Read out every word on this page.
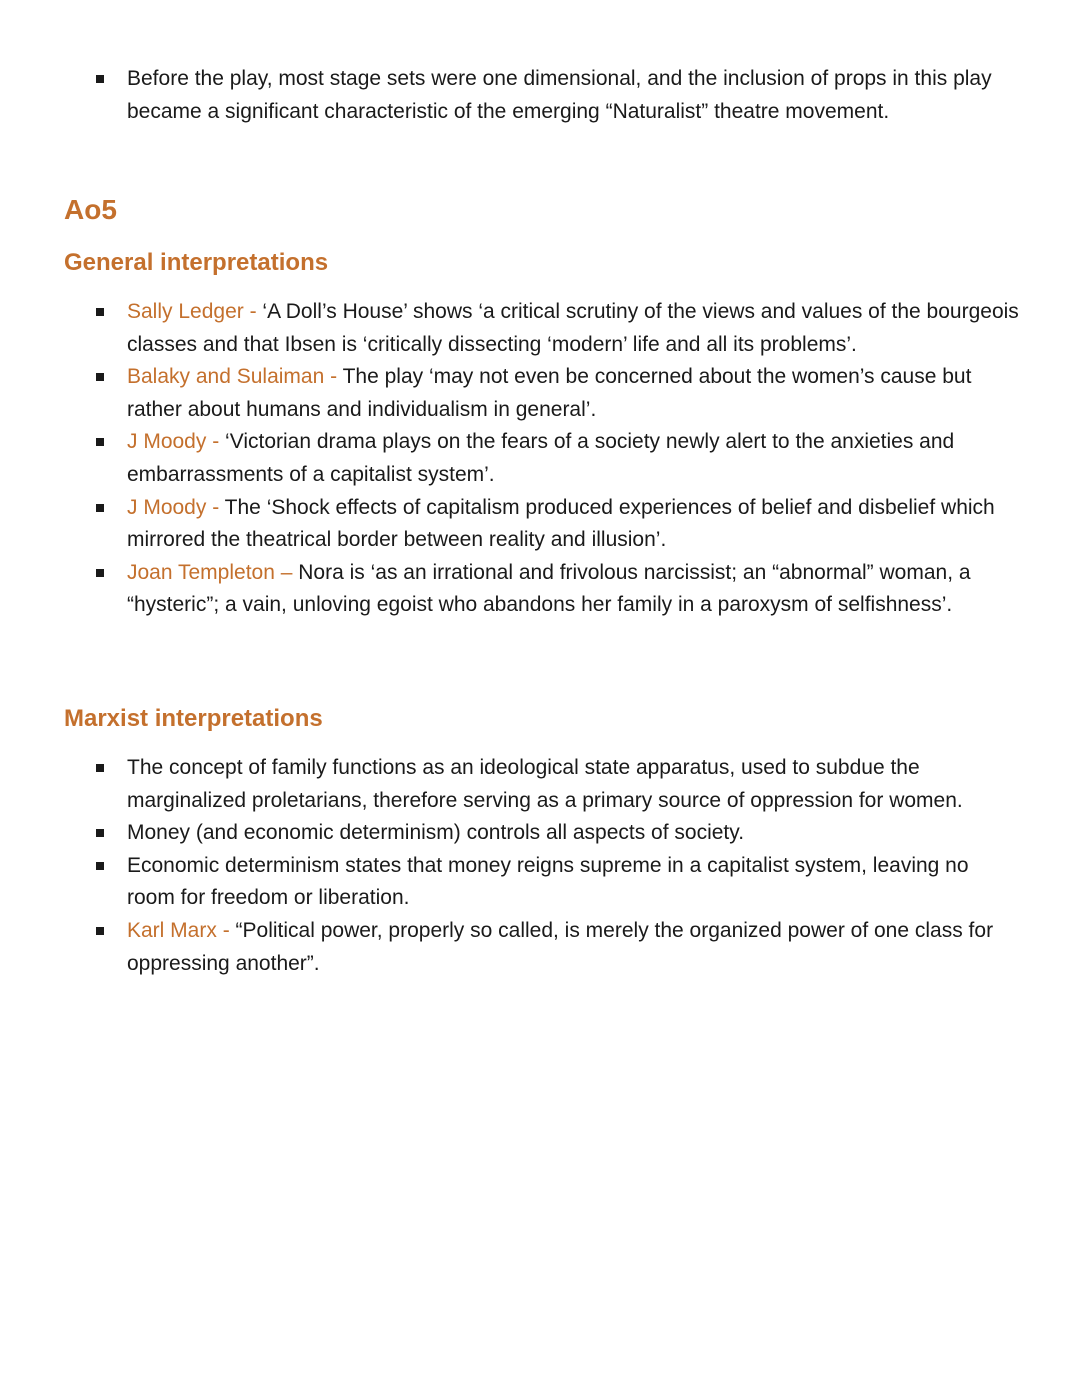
Before the play, most stage sets were one dimensional, and the inclusion of props in this play became a significant characteristic of the emerging “Naturalist” theatre movement.
Ao5
General interpretations
Sally Ledger - ‘A Doll’s House’ shows ‘a critical scrutiny of the views and values of the bourgeois classes and that Ibsen is ‘critically dissecting ‘modern’ life and all its problems’.
Balaky and Sulaiman - The play ‘may not even be concerned about the women’s cause but rather about humans and individualism in general’.
J Moody - ‘Victorian drama plays on the fears of a society newly alert to the anxieties and embarrassments of a capitalist system’.
J Moody - The ‘Shock effects of capitalism produced experiences of belief and disbelief which mirrored the theatrical border between reality and illusion’.
Joan Templeton – Nora is ‘as an irrational and frivolous narcissist; an “abnormal” woman, a “hysteric”; a vain, unloving egoist who abandons her family in a paroxysm of selfishness’.
Marxist interpretations
The concept of family functions as an ideological state apparatus, used to subdue the marginalized proletarians, therefore serving as a primary source of oppression for women.
Money (and economic determinism) controls all aspects of society.
Economic determinism states that money reigns supreme in a capitalist system, leaving no room for freedom or liberation.
Karl Marx - “Political power, properly so called, is merely the organized power of one class for oppressing another”.
